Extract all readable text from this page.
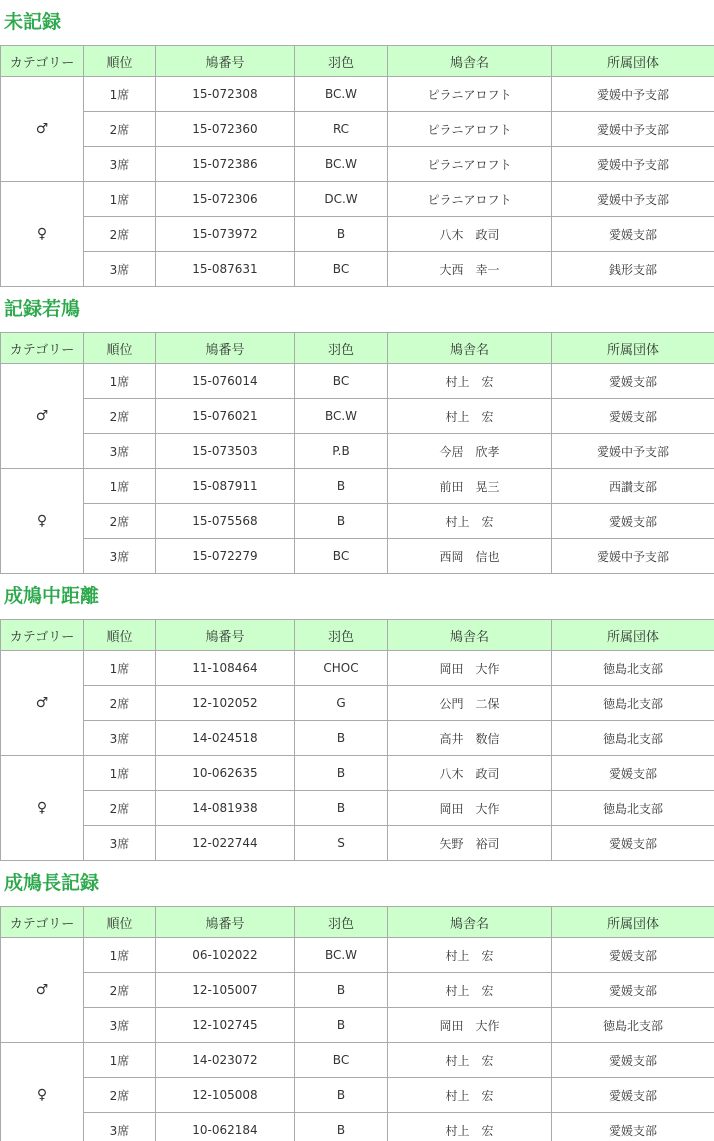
未記録
カテゴリー	順位	鳩番号	羽色	鳩舎名	所属団体
♂	1席	15-072308	BC.W	ピラニアロフト	愛媛中予支部
	2席	15-072360	RC	ピラニアロフト	愛媛中予支部
	3席	15-072386	BC.W	ピラニアロフト	愛媛中予支部
♀	1席	15-072306	DC.W	ピラニアロフト	愛媛中予支部
	2席	15-073972	B	八木　政司	愛媛支部
	3席	15-087631	BC	大西　幸一	銭形支部
記録若鳩
カテゴリー	順位	鳩番号	羽色	鳩舎名	所属団体
♂	1席	15-076014	BC	村上　宏	愛媛支部
	2席	15-076021	BC.W	村上　宏	愛媛支部
	3席	15-073503	P.B	今居　欣孝	愛媛中予支部
♀	1席	15-087911	B	前田　晃三	西讃支部
	2席	15-075568	B	村上　宏	愛媛支部
	3席	15-072279	BC	西岡　信也	愛媛中予支部
成鳩中距離
カテゴリー	順位	鳩番号	羽色	鳩舎名	所属団体
♂	1席	11-108464	CHOC	岡田　大作	徳島北支部
	2席	12-102052	G	公門　二保	徳島北支部
	3席	14-024518	B	高井　数信	徳島北支部
♀	1席	10-062635	B	八木　政司	愛媛支部
	2席	14-081938	B	岡田　大作	徳島北支部
	3席	12-022744	S	矢野　裕司	愛媛支部
成鳩長記録
カテゴリー	順位	鳩番号	羽色	鳩舎名	所属団体
♂	1席	06-102022	BC.W	村上　宏	愛媛支部
	2席	12-105007	B	村上　宏	愛媛支部
	3席	12-102745	B	岡田　大作	徳島北支部
♀	1席	14-023072	BC	村上　宏	愛媛支部
	2席	12-105008	B	村上　宏	愛媛支部
	3席	10-062184	B	村上　宏	愛媛支部
